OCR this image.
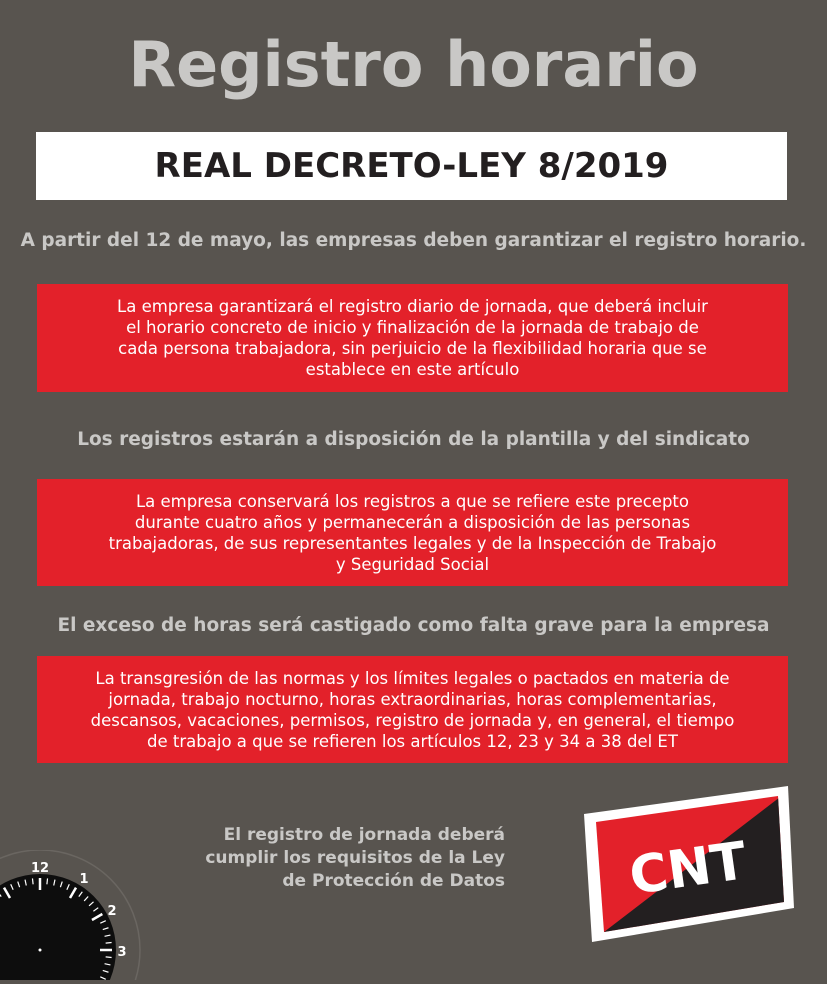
Registro horario
REAL DECRETO-LEY 8/2019
A partir del 12 de mayo, las empresas deben garantizar el registro horario.
La empresa garantizará el registro diario de jornada, que deberá incluir
el horario concreto de inicio y finalización de la jornada de trabajo de
cada persona trabajadora, sin perjuicio de la flexibilidad horaria que se
establece en este artículo
Los registros estarán a disposición de la plantilla y del sindicato
La empresa conservará los registros a que se refiere este precepto
durante cuatro años y permanecerán a disposición de las personas
trabajadoras, de sus representantes legales y de la Inspección de Trabajo
y Seguridad Social
El exceso de horas será castigado como falta grave para la empresa
La transgresión de las normas y los límites legales o pactados en materia de
jornada, trabajo nocturno, horas extraordinarias, horas complementarias,
descansos, vacaciones, permisos, registro de jornada y, en general, el tiempo
de trabajo a que se refieren los artículos 12, 23 y 34 a 38 del ET
El registro de jornada deberá
cumplir los requisitos de la Ley
de Protección de Datos CNT
12
1
2
3
